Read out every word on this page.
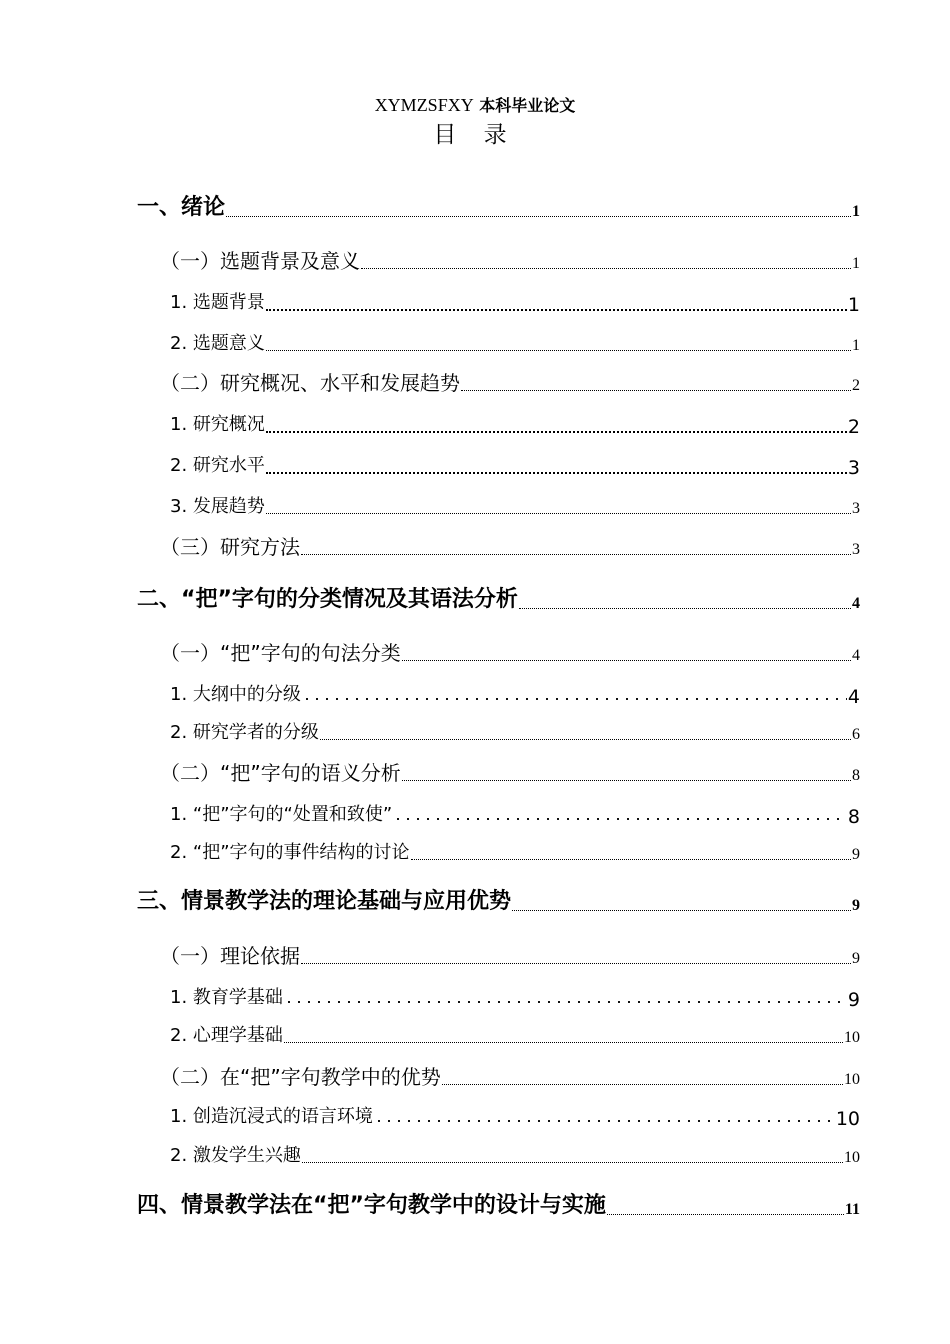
XYMZSFXY 本科毕业论文
目 录
一、绪论	1
（一）选题背景及意义	1
1. 选题背景	1
2. 选题意义	1
（二）研究概况、水平和发展趋势	2
1. 研究概况	2
2. 研究水平	3
3. 发展趋势	3
（三）研究方法	3
二、“把”字句的分类情况及其语法分析	4
（一）“把”字句的句法分类	4
1. 大纲中的分级	4
2. 研究学者的分级	6
（二）“把”字句的语义分析	8
1. “把”字句的“处置和致使”	8
2. “把”字句的事件结构的讨论	9
三、情景教学法的理论基础与应用优势	9
（一）理论依据	9
1. 教育学基础	9
2. 心理学基础	10
（二）在“把”字句教学中的优势	10
1. 创造沉浸式的语言环境	10
2. 激发学生兴趣	10
四、情景教学法在“把”字句教学中的设计与实施	11
